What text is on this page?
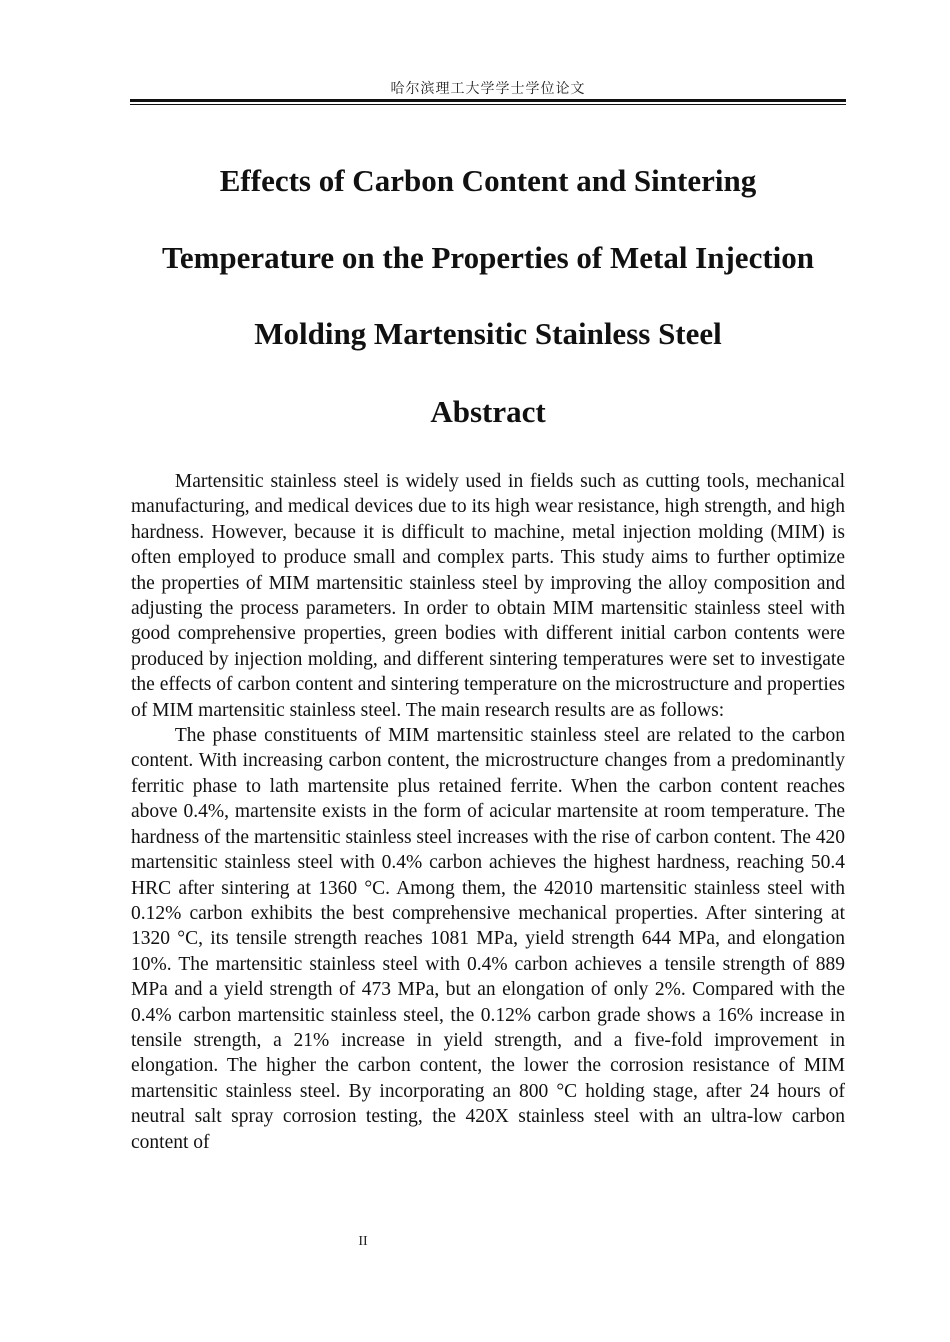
哈尔滨理工大学学士学位论文
Effects of Carbon Content and Sintering
Temperature on the Properties of Metal Injection
Molding Martensitic Stainless Steel
Abstract

Martensitic stainless steel is widely used in fields such as cutting tools, mechanical manufacturing, and medical devices due to its high wear resistance, high strength, and high hardness. However, because it is difficult to machine, metal injection molding (MIM) is often employed to produce small and complex parts. This study aims to further optimize the properties of MIM martensitic stainless steel by improving the alloy composition and adjusting the process parameters. In order to obtain MIM martensitic stainless steel with good comprehensive properties, green bodies with different initial carbon contents were produced by injection molding, and different sintering temperatures were set to investigate the effects of carbon content and sintering temperature on the microstructure and properties of MIM martensitic stainless steel. The main research results are as follows:

The phase constituents of MIM martensitic stainless steel are related to the carbon content. With increasing carbon content, the microstructure changes from a predominantly ferritic phase to lath martensite plus retained ferrite. When the carbon content reaches above 0.4%, martensite exists in the form of acicular martensite at room temperature. The hardness of the martensitic stainless steel increases with the rise of carbon content. The 420 martensitic stainless steel with 0.4% carbon achieves the highest hardness, reaching 50.4 HRC after sintering at 1360 °C. Among them, the 42010 martensitic stainless steel with 0.12% carbon exhibits the best comprehensive mechanical properties. After sintering at 1320 °C, its tensile strength reaches 1081 MPa, yield strength 644 MPa, and elongation 10%. The martensitic stainless steel with 0.4% carbon achieves a tensile strength of 889 MPa and a yield strength of 473 MPa, but an elongation of only 2%. Compared with the 0.4% carbon martensitic stainless steel, the 0.12% carbon grade shows a 16% increase in tensile strength, a 21% increase in yield strength, and a five-fold improvement in elongation. The higher the carbon content, the lower the corrosion resistance of MIM martensitic stainless steel. By incorporating an 800 °C holding stage, after 24 hours of neutral salt spray corrosion testing, the 420X stainless steel with an ultra-low carbon content of

II
